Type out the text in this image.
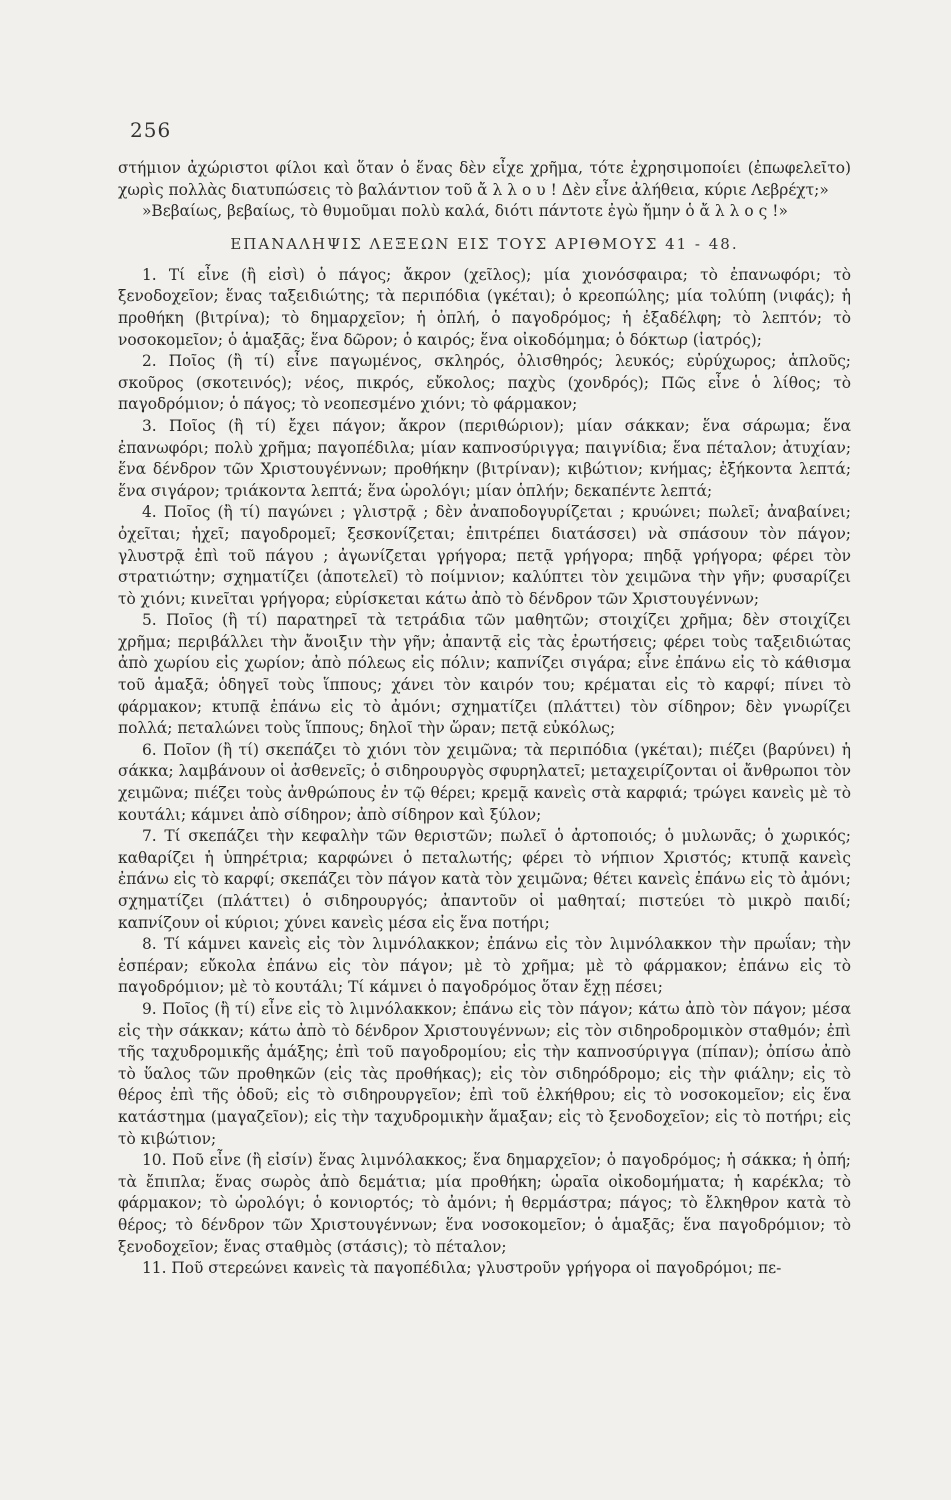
256

στήμιον ἀχώριστοι φίλοι καὶ ὅταν ὁ ἕνας δὲν εἶχε χρῆμα, τότε ἐχρησιμοποίει (ἐπωφελεῖτο) χωρὶς πολλὰς διατυπώσεις τὸ βαλάντιον τοῦ ἄλλου! Δὲν εἶνε ἀλήθεια, κύριε Λεβρέχτ;»

»Βεβαίως, βεβαίως, τὸ θυμοῦμαι πολὺ καλά, διότι πάντοτε ἐγὼ ἤμην ὁ ἄλλος!»

ΕΠΑΝΑΛΗΨΙΣ ΛΕΞΕΩΝ ΕΙΣ ΤΟΥΣ ΑΡΙΘΜΟΥΣ 41 - 48.

1. Τί εἶνε (ἢ εἰσὶ) ὁ πάγος; ἄκρον (χεῖλος); μία χιονόσφαιρα; τὸ ἐπανωφόρι; τὸ ξενοδοχεῖον; ἕνας ταξειδιώτης; τὰ περιπόδια (γκέται); ὁ κρεοπώλης; μία τολύπη (νιφάς); ἡ προθήκη (βιτρίνα); τὸ δημαρχεῖον; ἡ ὀπλή, ὁ παγοδρόμος; ἡ ἐξαδέλφη; τὸ λεπτόν; τὸ νοσοκομεῖον; ὁ ἁμαξᾶς; ἕνα δῶρον; ὁ καιρός; ἕνα οἰκοδόμημα; ὁ δόκτωρ (ἰατρός);

2. Ποῖος (ἢ τί) εἶνε παγωμένος, σκληρός, ὀλισθηρός; λευκός; εὐρύχωρος; ἁπλοῦς; σκοῦρος (σκοτεινός); νέος, πικρός, εὔκολος; παχὺς (χονδρός); Πῶς εἶνε ὁ λίθος; τὸ παγοδρόμιον; ὁ πάγος; τὸ νεοπεσμένο χιόνι; τὸ φάρμακον;

3. Ποῖος (ἢ τί) ἔχει πάγον; ἄκρον (περιθώριον); μίαν σάκκαν; ἕνα σάρωμα; ἕνα ἐπανωφόρι; πολὺ χρῆμα; παγοπέδιλα; μίαν καπνοσύριγγα; παιγνίδια; ἕνα πέταλον; ἀτυχίαν; ἕνα δένδρον τῶν Χριστουγέννων; προθήκην (βιτρίναν); κιβώτιον; κνήμας; ἑξήκοντα λεπτά; ἕνα σιγάρον; τριάκοντα λεπτά; ἕνα ὡρολόγι; μίαν ὁπλήν; δεκαπέντε λεπτά;

4. Ποῖος (ἢ τί) παγώνει ; γλιστρᾷ ; δὲν ἀναποδογυρίζεται ; κρυώνει; πωλεῖ; ἀναβαίνει; ὀχεῖται; ἠχεῖ; παγοδρομεῖ; ξεσκονίζεται; ἐπιτρέπει διατάσσει) νὰ σπάσουν τὸν πάγον; γλυστρᾷ ἐπὶ τοῦ πάγου ; ἀγωνίζεται γρήγορα; πετᾷ γρήγορα; πηδᾷ γρήγορα; φέρει τὸν στρατιώτην; σχηματίζει (ἀποτελεῖ) τὸ ποίμνιον; καλύπτει τὸν χειμῶνα τὴν γῆν; φυσαρίζει τὸ χιόνι; κινεῖται γρήγορα; εὑρίσκεται κάτω ἀπὸ τὸ δένδρον τῶν Χριστουγέννων;

5. Ποῖος (ἢ τί) παρατηρεῖ τὰ τετράδια τῶν μαθητῶν; στοιχίζει χρῆμα; δὲν στοιχίζει χρῆμα; περιβάλλει τὴν ἄνοιξιν τὴν γῆν; ἀπαντᾷ εἰς τὰς ἐρωτήσεις; φέρει τοὺς ταξειδιώτας ἀπὸ χωρίου εἰς χωρίον; ἀπὸ πόλεως εἰς πόλιν; καπνίζει σιγάρα; εἶνε ἐπάνω εἰς τὸ κάθισμα τοῦ ἁμαξᾶ; ὁδηγεῖ τοὺς ἵππους; χάνει τὸν καιρόν του; κρέμαται εἰς τὸ καρφί; πίνει τὸ φάρμακον; κτυπᾷ ἐπάνω εἰς τὸ ἀμόνι; σχηματίζει (πλάττει) τὸν σίδηρον; δὲν γνωρίζει πολλά; πεταλώνει τοὺς ἵππους; δηλοῖ τὴν ὥραν; πετᾷ εὐκόλως;

6. Ποῖον (ἢ τί) σκεπάζει τὸ χιόνι τὸν χειμῶνα; τὰ περιπόδια (γκέται); πιέζει (βαρύνει) ἡ σάκκα; λαμβάνουν οἱ ἀσθενεῖς; ὁ σιδηρουργὸς σφυρηλατεῖ; μεταχειρίζονται οἱ ἄνθρωποι τὸν χειμῶνα; πιέζει τοὺς ἀνθρώπους ἐν τῷ θέρει; κρεμᾷ κανεὶς στὰ καρφιά; τρώγει κανεὶς μὲ τὸ κουτάλι; κάμνει ἀπὸ σίδηρον; ἀπὸ σίδηρον καὶ ξύλον;

7. Τί σκεπάζει τὴν κεφαλὴν τῶν θεριστῶν; πωλεῖ ὁ ἀρτοποιός; ὁ μυλωνᾶς; ὁ χωρικός; καθαρίζει ἡ ὑπηρέτρια; καρφώνει ὁ πεταλωτής; φέρει τὸ νήπιον Χριστός; κτυπᾷ κανεὶς ἐπάνω εἰς τὸ καρφί; σκεπάζει τὸν πάγον κατὰ τὸν χειμῶνα; θέτει κανεὶς ἐπάνω εἰς τὸ ἀμόνι; σχηματίζει (πλάττει) ὁ σιδηρουργός; ἀπαντοῦν οἱ μαθηταί; πιστεύει τὸ μικρὸ παιδί; καπνίζουν οἱ κύριοι; χύνει κανεὶς μέσα εἰς ἕνα ποτήρι;

8. Τί κάμνει κανεὶς εἰς τὸν λιμνόλακκον; ἐπάνω εἰς τὸν λιμνόλακκον τὴν πρωΐαν; τὴν ἑσπέραν; εὔκολα ἐπάνω εἰς τὸν πάγον; μὲ τὸ χρῆμα; μὲ τὸ φάρμακον; ἐπάνω εἰς τὸ παγοδρόμιον; μὲ τὸ κουτάλι; Τί κάμνει ὁ παγοδρόμος ὅταν ἔχῃ πέσει;

9. Ποῖος (ἢ τί) εἶνε εἰς τὸ λιμνόλακκον; ἐπάνω εἰς τὸν πάγον; κάτω ἀπὸ τὸν πάγον; μέσα εἰς τὴν σάκκαν; κάτω ἀπὸ τὸ δένδρον Χριστουγέννων; εἰς τὸν σιδηροδρομικὸν σταθμόν; ἐπὶ τῆς ταχυδρομικῆς ἁμάξης; ἐπὶ τοῦ παγοδρομίου; εἰς τὴν καπνοσύριγγα (πίπαν); ὀπίσω ἀπὸ τὸ ὕαλος τῶν προθηκῶν (εἰς τὰς προθήκας); εἰς τὸν σιδηρόδρομο; εἰς τὴν φιάλην; εἰς τὸ θέρος ἐπὶ τῆς ὁδοῦ; εἰς τὸ σιδηρουργεῖον; ἐπὶ τοῦ ἐλκήθρου; εἰς τὸ νοσοκομεῖον; εἰς ἕνα κατάστημα (μαγαζεῖον); εἰς τὴν ταχυδρομικὴν ἅμαξαν; εἰς τὸ ξενοδοχεῖον; εἰς τὸ ποτήρι; εἰς τὸ κιβώτιον;

10. Ποῦ εἶνε (ἢ εἰσίν) ἕνας λιμνόλακκος; ἕνα δημαρχεῖον; ὁ παγοδρόμος; ἡ σάκκα; ἡ ὀπή; τὰ ἔπιπλα; ἕνας σωρὸς ἀπὸ δεμάτια; μία προθήκη; ὡραῖα οἰκοδομήματα; ἡ καρέκλα; τὸ φάρμακον; τὸ ὡρολόγι; ὁ κονιορτός; τὸ ἀμόνι; ἡ θερμάστρα; πάγος; τὸ ἔλκηθρον κατὰ τὸ θέρος; τὸ δένδρον τῶν Χριστουγέννων; ἕνα νοσοκομεῖον; ὁ ἁμαξᾶς; ἕνα παγοδρόμιον; τὸ ξενοδοχεῖον; ἕνας σταθμὸς (στάσις); τὸ πέταλον;

11. Ποῦ στερεώνει κανεὶς τὰ παγοπέδιλα; γλυστροῦν γρήγορα οἱ παγοδρόμοι; πε-
